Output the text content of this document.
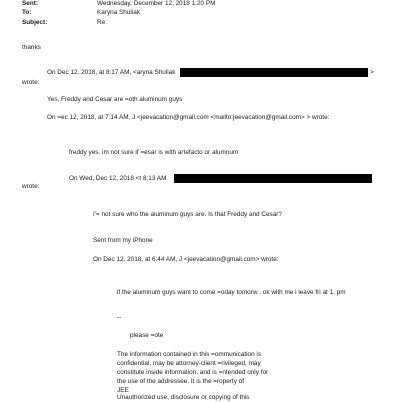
Sent:	Wednesday, December 12, 2018 1:20 PM
To:	Karyna Shuliak
Subject:	Re:
thanks
On Dec 12, 2018, at 8:17 AM, <aryna Shuliak	>
wrote:
Yes, Freddy and Cesar are =oth aluminum guys
On =ec 12, 2018, at 7:14 AM, J <jeevacation@gmail.com <mailto:jeevacation@gmail.com> > wrote:
freddy yes. im not sure if =esar is with artefacto or alumnum
On Wed, Dec 12, 2018 <t 8:13 AM
wrote:
I'= not sure who the aluminum guys are. Is that Freddy and Cesar?
Sent from my iPhone
On Dec 12, 2018, at 6:44 AM, J <jeevacation@gmail.com> wrote:
if the aluminum guys want to come =oday tomorw . ok with me i leave fri at 1. pm
--
please =ote
The information contained in this =ommunication is
confidential, may be attorney-client =rivileged, may
constitute inside information, and is =ntended only for
the use of the addressee. It is the =roperty of
JEE
Unauthorized use, disclosure or copying of this
